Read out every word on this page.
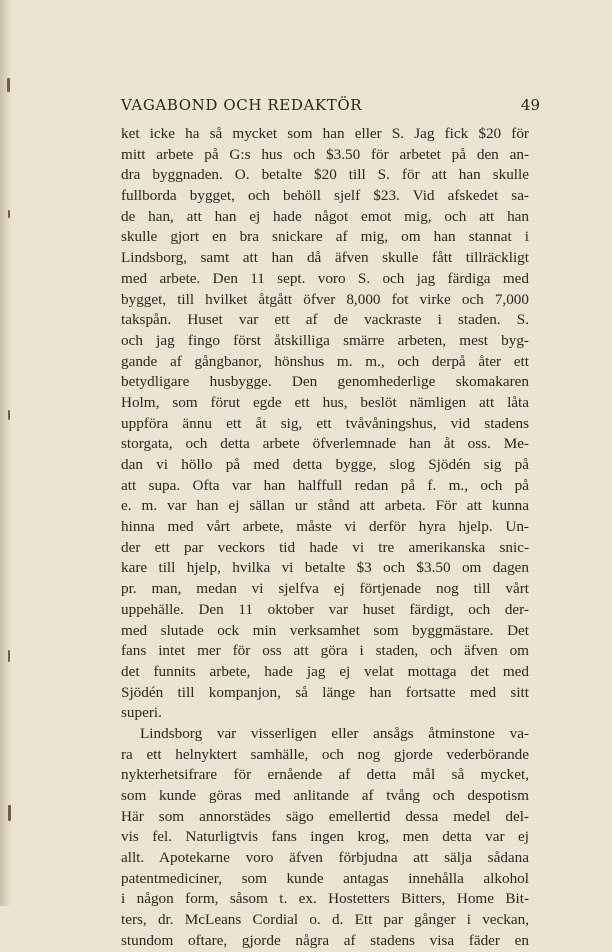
VAGABOND OCH REDAKTÖR	49
ket icke ha så mycket som han eller S. Jag fick $20 för
mitt arbete på G:s hus och $3.50 för arbetet på den an-
dra byggnaden. O. betalte $20 till S. för att han skulle
fullborda bygget, och behöll sjelf $23. Vid afskedet sa-
de han, att han ej hade något emot mig, och att han
skulle gjort en bra snickare af mig, om han stannat i
Lindsborg, samt att han då äfven skulle fått tillräckligt
med arbete. Den 11 sept. voro S. och jag färdiga med
bygget, till hvilket åtgått öfver 8,000 fot virke och 7,000
takspån. Huset var ett af de vackraste i staden. S.
och jag fingo först åtskilliga smärre arbeten, mest byg-
gande af gångbanor, hönshus m. m., och derpå åter ett
betydligare husbygge. Den genomhederlige skomakaren
Holm, som förut egde ett hus, beslöt nämligen att låta
uppföra ännu ett åt sig, ett tvåvåningshus, vid stadens
storgata, och detta arbete öfverlemnade han åt oss. Me-
dan vi höllo på med detta bygge, slog Sjödén sig på
att supa. Ofta var han halffull redan på f. m., och på
e. m. var han ej sällan ur stånd att arbeta. För att kunna
hinna med vårt arbete, måste vi derför hyra hjelp. Un-
der ett par veckors tid hade vi tre amerikanska snic-
kare till hjelp, hvilka vi betalte $3 och $3.50 om dagen
pr. man, medan vi sjelfva ej förtjenade nog till vårt
uppehälle. Den 11 oktober var huset färdigt, och der-
med slutade ock min verksamhet som byggmästare. Det
fans intet mer för oss att göra i staden, och äfven om
det funnits arbete, hade jag ej velat mottaga det med
Sjödén till kompanjon, så länge han fortsatte med sitt
superi.
Lindsborg var visserligen eller ansågs åtminstone va-
ra ett helnyktert samhälle, och nog gjorde vederbörande
nykterhetsifrare för ernående af detta mål så mycket,
som kunde göras med anlitande af tvång och despotism
Här som annorstädes sägo emellertid dessa medel del-
vis fel. Naturligtvis fans ingen krog, men detta var ej
allt. Apotekarne voro äfven förbjudna att sälja sådana
patentmediciner, som kunde antagas innehålla alkohol
i någon form, såsom t. ex. Hostetters Bitters, Home Bit-
ters, dr. McLeans Cordial o. d. Ett par gånger i veckan,
stundom oftare, gjorde några af stadens visa fäder en
